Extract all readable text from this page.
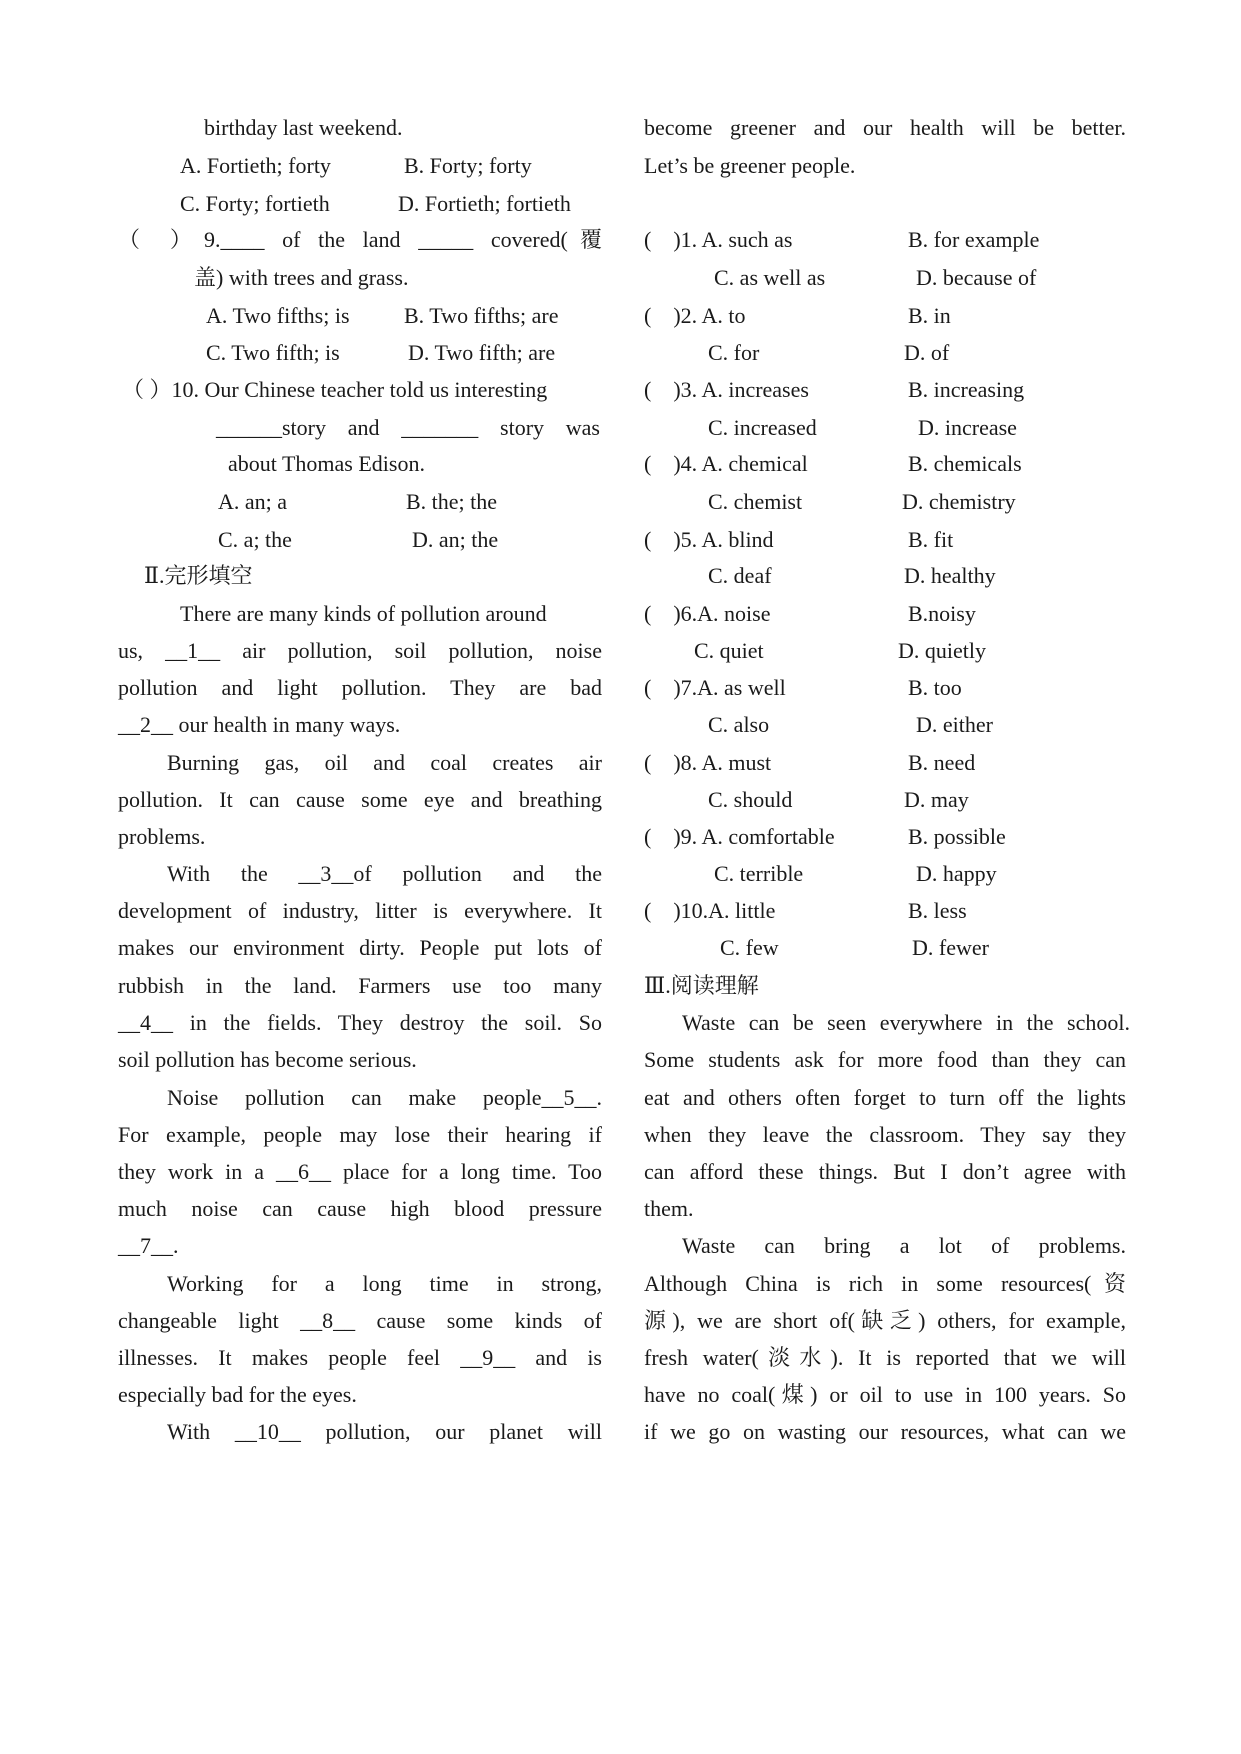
birthday last weekend.
A. Fortieth; forty	B. Forty; forty
C. Forty; fortieth	D. Fortieth; fortieth
（ ）9.____ of the land _____ covered(覆
盖) with trees and grass.
A. Two fifths; is B. Two fifths; are
C. Two fifth; is	D. Two fifth; are
（ ）10. Our Chinese teacher told us interesting
______story and _______ story was
about Thomas Edison.
A. an; a	B. the; the
C. a; the	D. an; the
Ⅱ.完形填空
There are many kinds of pollution around
us, __1__ air pollution, soil pollution, noise
pollution and light pollution. They are bad
__2__ our health in many ways.
Burning gas, oil and coal creates air
pollution. It can cause some eye and breathing
problems.
With the __3__of pollution and the
development of industry, litter is everywhere. It
makes our environment dirty. People put lots of
rubbish in the land. Farmers use too many
__4__ in the fields. They destroy the soil. So
soil pollution has become serious.
Noise pollution can make people__5__.
For example, people may lose their hearing if
they work in a __6__ place for a long time. Too
much noise can cause high blood pressure
__7__.
Working for a long time in strong,
changeable light __8__ cause some kinds of
illnesses. It makes people feel __9__ and is
especially bad for the eyes.
With __10__ pollution, our planet will
become greener and our health will be better.
Let’s be greener people.
(    )1. A. such as	B. for example
C. as well as	D. because of
(    )2. A. to	B. in
C. for	D. of
(    )3. A. increases	B. increasing
C. increased	D. increase
(    )4. A. chemical	B. chemicals
C. chemist	D. chemistry
(    )5. A. blind	B. fit
C. deaf	D. healthy
(    )6.A. noise	B.noisy
C. quiet	D. quietly
(    )7.A. as well	B. too
C. also	D. either
(    )8. A. must	B. need
C. should	D. may
(    )9. A. comfortable	B. possible
C. terrible	D. happy
(    )10.A. little	B. less
C. few	D. fewer
Ⅲ.阅读理解
Waste can be seen everywhere in the school.
Some students ask for more food than they can
eat and others often forget to turn off the lights
when they leave the classroom. They say they
can afford these things. But I don’t agree with
them.
Waste can bring a lot of problems.
Although China is rich in some resources(资
源), we are short of(缺乏) others, for example,
fresh water(淡水). It is reported that we will
have no coal(煤) or oil to use in 100 years. So
if we go on wasting our resources, what can we
